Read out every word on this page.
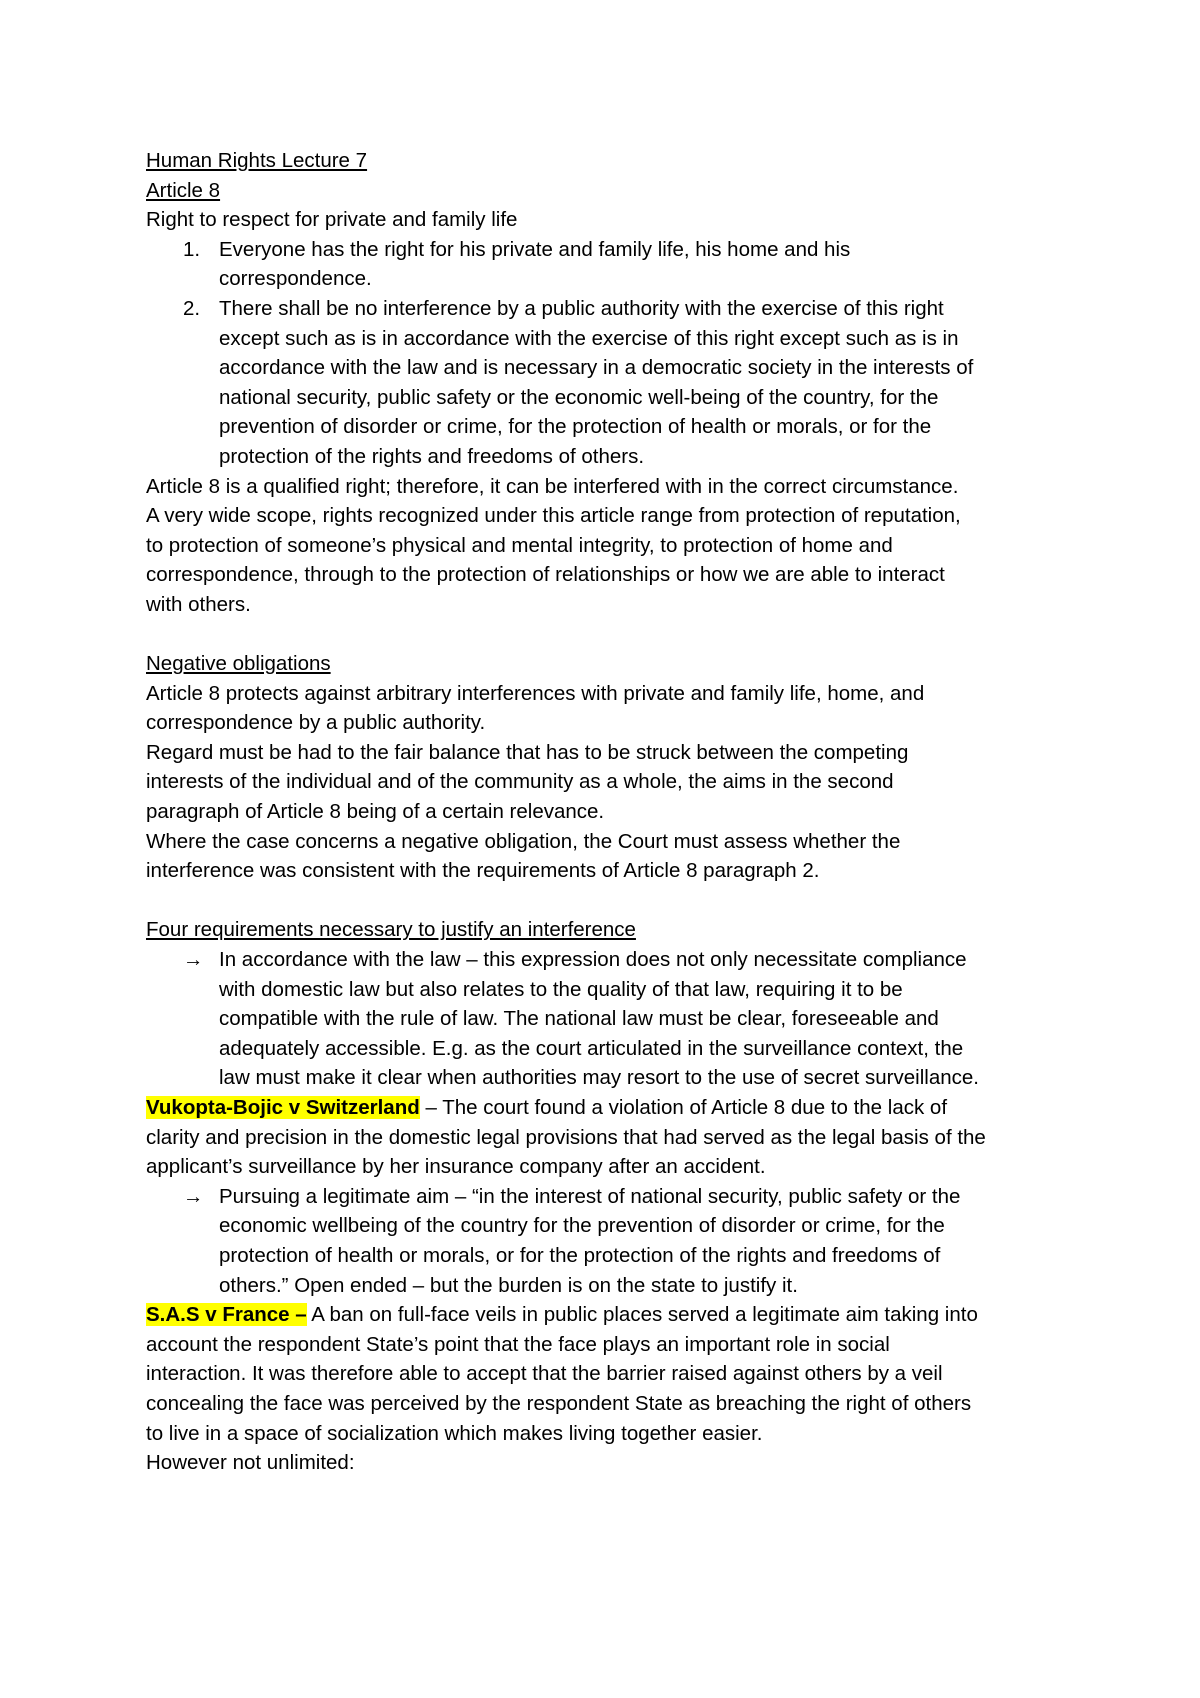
Human Rights Lecture 7
Article 8
Right to respect for private and family life
1. Everyone has the right for his private and family life, his home and his
correspondence.
2. There shall be no interference by a public authority with the exercise of this right
except such as is in accordance with the exercise of this right except such as is in
accordance with the law and is necessary in a democratic society in the interests of
national security, public safety or the economic well-being of the country, for the
prevention of disorder or crime, for the protection of health or morals, or for the
protection of the rights and freedoms of others.
Article 8 is a qualified right; therefore, it can be interfered with in the correct circumstance.
A very wide scope, rights recognized under this article range from protection of reputation,
to protection of someone’s physical and mental integrity, to protection of home and
correspondence, through to the protection of relationships or how we are able to interact
with others.
Negative obligations
Article 8 protects against arbitrary interferences with private and family life, home, and
correspondence by a public authority.
Regard must be had to the fair balance that has to be struck between the competing
interests of the individual and of the community as a whole, the aims in the second
paragraph of Article 8 being of a certain relevance.
Where the case concerns a negative obligation, the Court must assess whether the
interference was consistent with the requirements of Article 8 paragraph 2.
Four requirements necessary to justify an interference
→ In accordance with the law – this expression does not only necessitate compliance
with domestic law but also relates to the quality of that law, requiring it to be
compatible with the rule of law. The national law must be clear, foreseeable and
adequately accessible. E.g. as the court articulated in the surveillance context, the
law must make it clear when authorities may resort to the use of secret surveillance.
Vukopta-Bojic v Switzerland – The court found a violation of Article 8 due to the lack of
clarity and precision in the domestic legal provisions that had served as the legal basis of the
applicant’s surveillance by her insurance company after an accident.
→ Pursuing a legitimate aim – “in the interest of national security, public safety or the
economic wellbeing of the country for the prevention of disorder or crime, for the
protection of health or morals, or for the protection of the rights and freedoms of
others.” Open ended – but the burden is on the state to justify it.
S.A.S v France – A ban on full-face veils in public places served a legitimate aim taking into
account the respondent State’s point that the face plays an important role in social
interaction. It was therefore able to accept that the barrier raised against others by a veil
concealing the face was perceived by the respondent State as breaching the right of others
to live in a space of socialization which makes living together easier.
However not unlimited:
